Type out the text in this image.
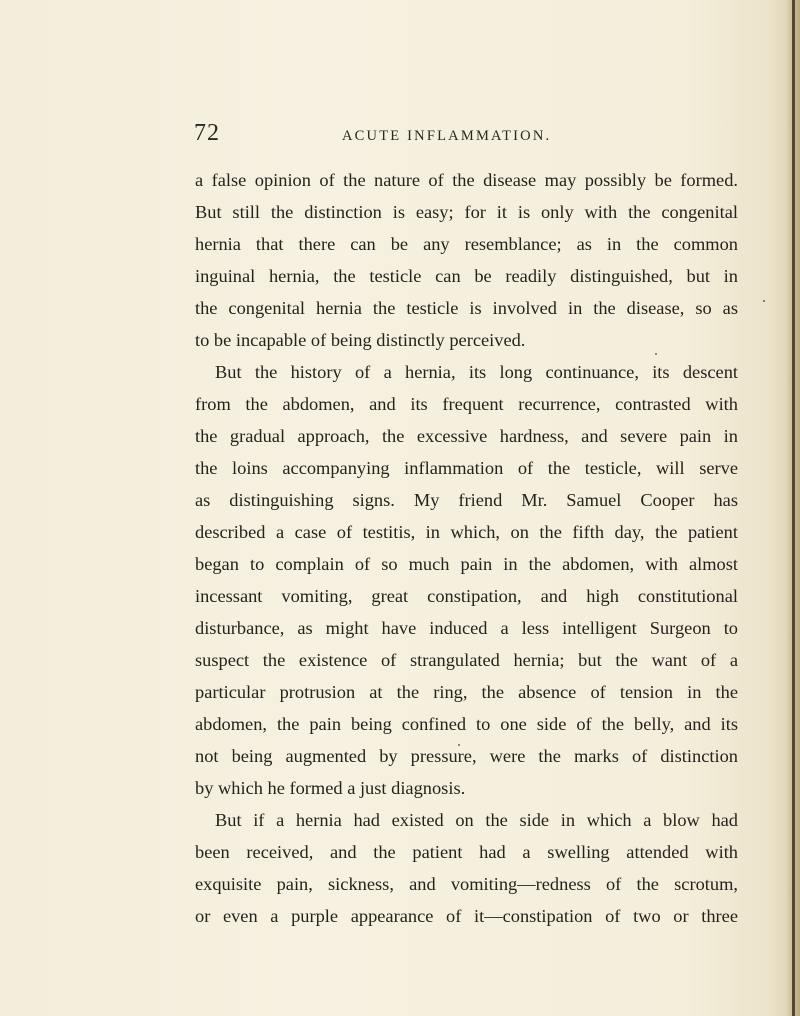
72	ACUTE INFLAMMATION.
a false opinion of the nature of the disease may possibly be formed.
But still the distinction is easy; for it is only with the congenital
hernia that there can be any resemblance; as in the common
inguinal hernia, the testicle can be readily distinguished, but in
the congenital hernia the testicle is involved in the disease, so as
to be incapable of being distinctly perceived.
But the history of a hernia, its long continuance, its descent
from the abdomen, and its frequent recurrence, contrasted with
the gradual approach, the excessive hardness, and severe pain in
the loins accompanying inflammation of the testicle, will serve
as distinguishing signs. My friend Mr. Samuel Cooper has
described a case of testitis, in which, on the fifth day, the patient
began to complain of so much pain in the abdomen, with almost
incessant vomiting, great constipation, and high constitutional
disturbance, as might have induced a less intelligent Surgeon to
suspect the existence of strangulated hernia; but the want of a
particular protrusion at the ring, the absence of tension in the
abdomen, the pain being confined to one side of the belly, and its
not being augmented by pressure, were the marks of distinction
by which he formed a just diagnosis.
But if a hernia had existed on the side in which a blow had
been received, and the patient had a swelling attended with
exquisite pain, sickness, and vomiting—redness of the scrotum,
or even a purple appearance of it—constipation of two or three
